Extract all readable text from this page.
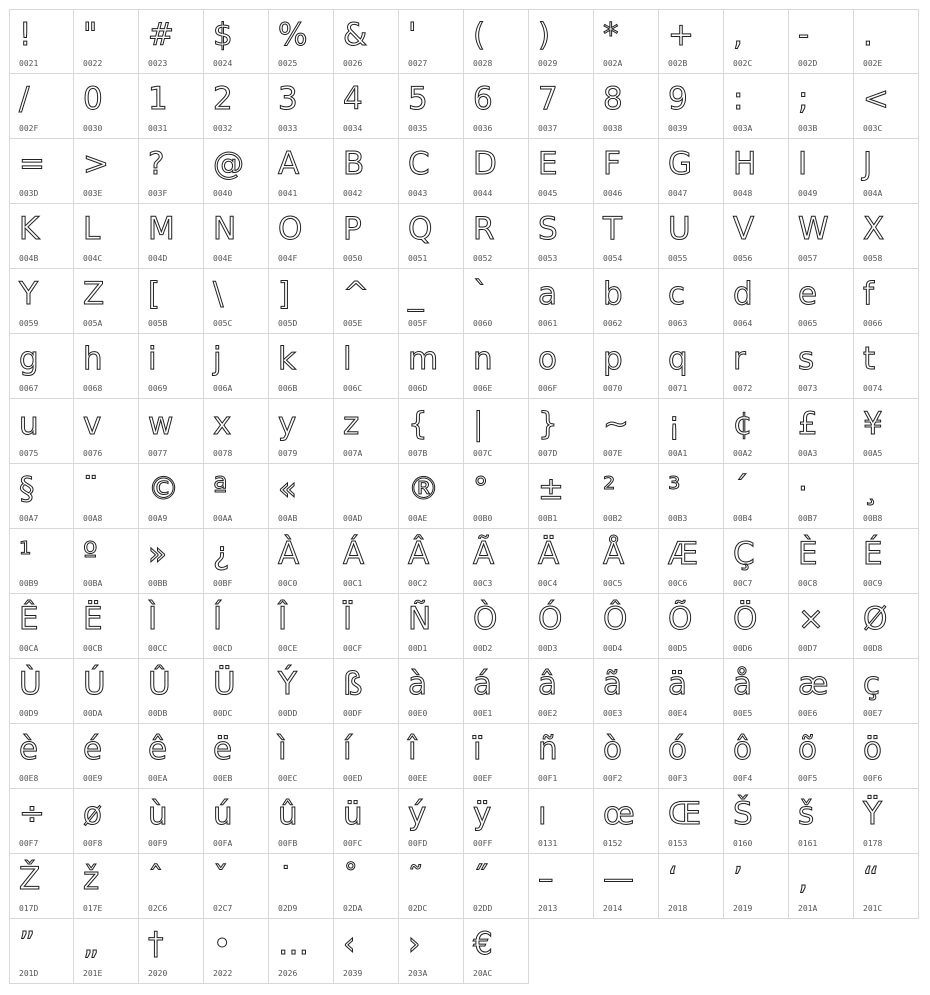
!
0021
"
0022
#
0023
$
0024
%
0025
&
0026
'
0027
(
0028
)
0029
*
002A
+
002B
,
002C
-
002D
.
002E
/
002F
0
0030
1
0031
2
0032
3
0033
4
0034
5
0035
6
0036
7
0037
8
0038
9
0039
:
003A
;
003B
<
003C
=
003D
>
003E
?
003F
@
0040
A
0041
B
0042
C
0043
D
0044
E
0045
F
0046
G
0047
H
0048
I
0049
J
004A
K
004B
L
004C
M
004D
N
004E
O
004F
P
0050
Q
0051
R
0052
S
0053
T
0054
U
0055
V
0056
W
0057
X
0058
Y
0059
Z
005A
[
005B
\
005C
]
005D
^
005E
_
005F
`
0060
a
0061
b
0062
c
0063
d
0064
e
0065
f
0066
g
0067
h
0068
i
0069
j
006A
k
006B
l
006C
m
006D
n
006E
o
006F
p
0070
q
0071
r
0072
s
0073
t
0074
u
0075
v
0076
w
0077
x
0078
y
0079
z
007A
{
007B
|
007C
}
007D
~
007E
¡
00A1
¢
00A2
£
00A3
¥
00A5
§
00A7
¨
00A8
©
00A9
ª
00AA
«
00AB	00AD
®
00AE
°
00B0
±
00B1
²
00B2
³
00B3
´
00B4
·
00B7
¸
00B8
¹
00B9
º
00BA
»
00BB
¿
00BF
À
00C0
Á
00C1
Â
00C2
Ã
00C3
Ä
00C4
Å
00C5
Æ
00C6
Ç
00C7
È
00C8
É
00C9
Ê
00CA
Ë
00CB
Ì
00CC
Í
00CD
Î
00CE
Ï
00CF
Ñ
00D1
Ò
00D2
Ó
00D3
Ô
00D4
Õ
00D5
Ö
00D6
×
00D7
Ø
00D8
Ù
00D9
Ú
00DA
Û
00DB
Ü
00DC
Ý
00DD
ß
00DF
à
00E0
á
00E1
â
00E2
ã
00E3
ä
00E4
å
00E5
æ
00E6
ç
00E7
è
00E8
é
00E9
ê
00EA
ë
00EB
ì
00EC
í
00ED
î
00EE
ï
00EF
ñ
00F1
ò
00F2
ó
00F3
ô
00F4
õ
00F5
ö
00F6
÷
00F7
ø
00F8
ù
00F9
ú
00FA
û
00FB
ü
00FC
ý
00FD
ÿ
00FF
ı
0131
œ
0152
Œ
0153
Š
0160
š
0161
Ÿ
0178
Ž
017D
ž
017E
ˆ
02C6
ˇ
02C7
˙
02D9
˚
02DA
˜
02DC
˝
02DD
–
2013
—
2014
‘
2018
’
2019
‚
201A
“
201C
”
201D
„
201E
†
2020
•
2022
…
2026
‹
2039
›
203A
€
20AC
